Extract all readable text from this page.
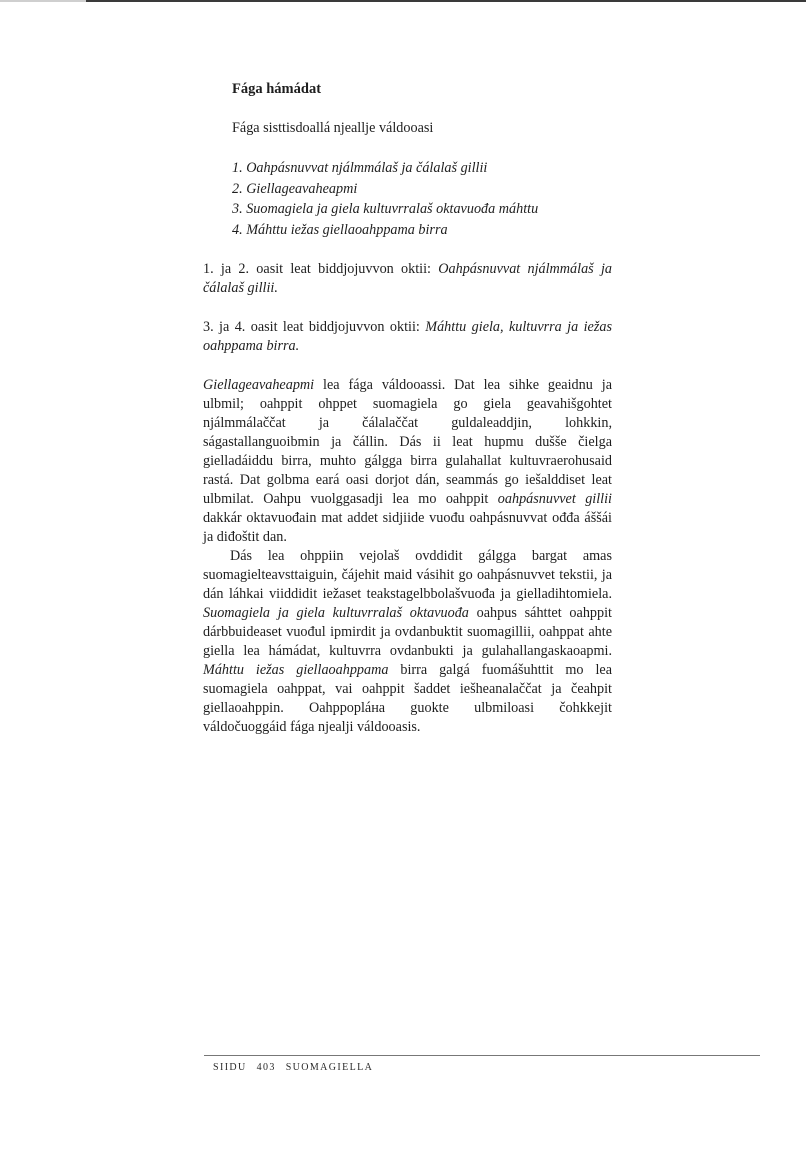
Fága hámádat
Fága sisttisdoallá njeallje váldooasi
1. Oahpásnuvvat njálmmálaš ja čálalaš gillii
2. Giellageavaheapmi
3. Suomagiela ja giela kultuvrralaš oktavuođa máhttu
4. Máhttu iežas giellaoahppama birra

1. ja 2. oasit leat biddjojuvvon oktii: Oahpásnuvvat njálmmálaš ja čálalaš gillii.

3. ja 4. oasit leat biddjojuvvon oktii: Máhttu giela, kultuvrra ja iežas oahppama birra.

Giellageavaheapmi lea fága váldooassi. Dat lea sihke geaidnu ja ulbmil; oahppit ohppet suomagiela go giela geavahišgohtet njálmmálaččat ja čálalaččat guldaleaddjin, lohkkin, ságastallanguoibmin ja čállin. Dás ii leat hupmu duššе čielga gielladáiddu birra, muhto gálgga birra gulahallat kultuvraerohusaid rastá. Dat golbma eará oasi dorjot dán, seammás go iešalddiset leat ulbmilat. Oahpu vuolggasadji lea mo oahppit oahpásnuvvet gillii dakkár oktavuođain mat addet sidjiide vuođu oahpásnuvvat ođđa áššái ja diđoštit dan.

Dás lea ohppiin vejolaš ovddidit gálgga bargat amas suomagielteavsttaiguin, čájehit maid vásihit go oahpásnuvvet tekstii, ja dán láhkai viiddidit iežaset teakstagelbbolašvuođa ja gielladihtomiela. Suomagiela ja giela kultuvrralaš oktavuođa oahpus sáhttet oahppit dárbbuideaset vuođul ipmirdit ja ovdanbuktit suomagillii, oahppat ahte giella lea hámádat, kultuvrra ovdanbukti ja gulahallangaskaoapmi. Máhttu iežas giellaoahppama birra galgá fuomášuhttit mo lea suomagiela oahppat, vai oahppit šaddet iešheanalaččat ja čeahpit giellaoahppin. Oahppopláна guokte ulbmiloasi čohkkejit váldočuoggáid fága njealji váldooasis.

SIIDU 403 SUOMAGIELLA
